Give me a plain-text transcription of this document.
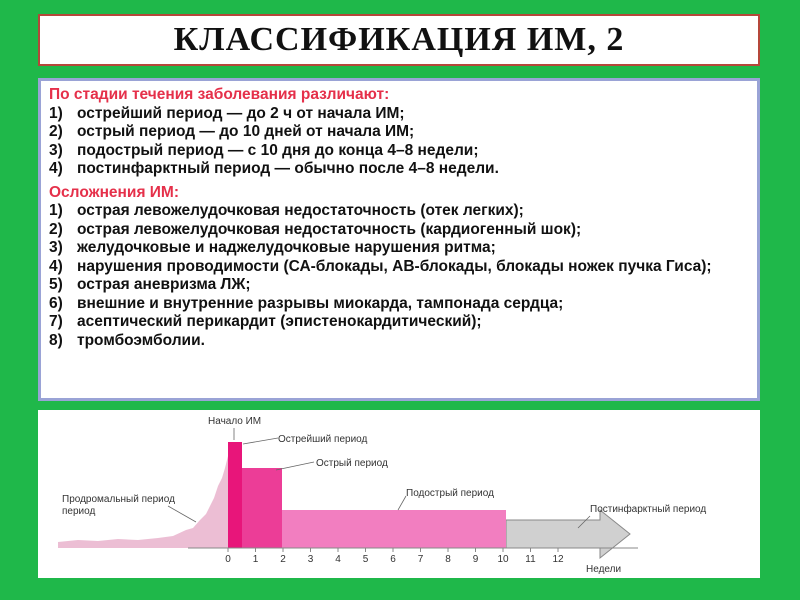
КЛАССИФИКАЦИЯ ИМ, 2
По стадии течения заболевания различают:
1) острейший период — до 2 ч от начала ИМ;
2) острый период — до 10 дней от начала ИМ;
3) подострый период — с 10 дня до конца 4–8 недели;
4) постинфарктный период — обычно после 4–8 недели.
Осложнения ИМ:
1) острая левожелудочковая недостаточность (отек легких);
2) острая левожелудочковая недостаточность (кардиогенный шок);
3) желудочковые и наджелудочковые нарушения ритма;
4) нарушения проводимости (СА-блокады, АВ-блокады, блокады ножек пучка Гиса);
5) острая аневризма ЛЖ;
6) внешние и внутренние разрывы миокарда, тампонада сердца;
7) асептический перикардит (эпистенокардитический);
8) тромбоэмболии.
0 1 2 3 4 5 6 7 8 9 10 11 12
Начало ИМ
Острейший период
Острый период
Подострый период
Постинфарктный период
Продромальный период
период
Недели
